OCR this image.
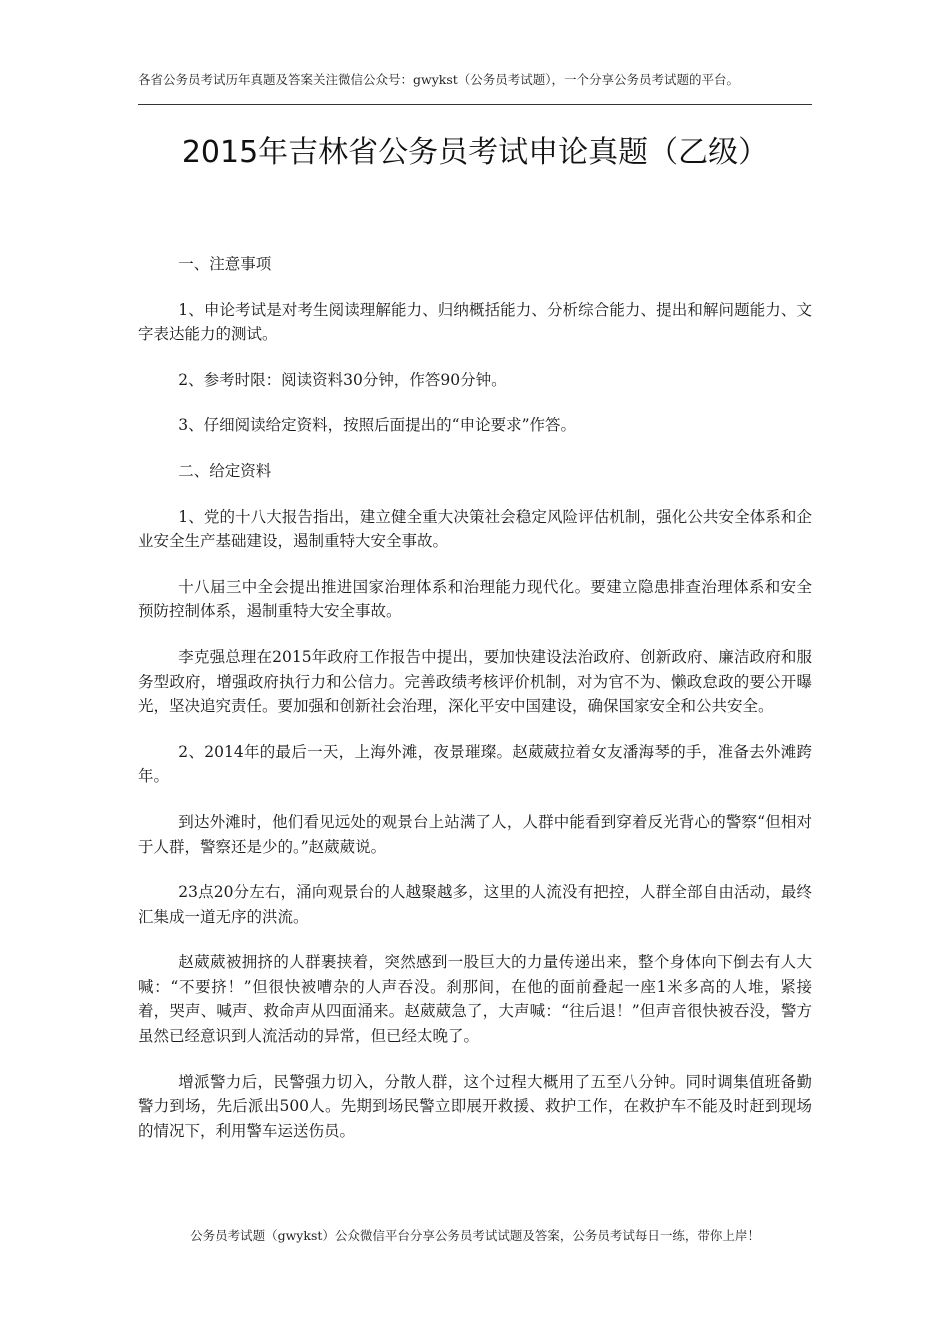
各省公务员考试历年真题及答案关注微信公众号：gwykst（公务员考试题），一个分享公务员考试题的平台。
2015年吉林省公务员考试申论真题（乙级）

一、注意事项

1、申论考试是对考生阅读理解能力、归纳概括能力、分析综合能力、提出和解问题能力、文字表达能力的测试。

2、参考时限：阅读资料30分钟，作答90分钟。

3、仔细阅读给定资料，按照后面提出的“申论要求”作答。

二、给定资料

1、党的十八大报告指出，建立健全重大决策社会稳定风险评估机制，强化公共安全体系和企业安全生产基础建设，遏制重特大安全事故。

十八届三中全会提出推进国家治理体系和治理能力现代化。要建立隐患排查治理体系和安全预防控制体系，遏制重特大安全事故。

李克强总理在2015年政府工作报告中提出，要加快建设法治政府、创新政府、廉洁政府和服务型政府，增强政府执行力和公信力。完善政绩考核评价机制，对为官不为、懒政怠政的要公开曝光，坚决追究责任。要加强和创新社会治理，深化平安中国建设，确保国家安全和公共安全。

2、2014年的最后一天，上海外滩，夜景璀璨。赵葳葳拉着女友潘海琴的手，准备去外滩跨年。

到达外滩时，他们看见远处的观景台上站满了人，人群中能看到穿着反光背心的警察“但相对于人群，警察还是少的。”赵葳葳说。

23点20分左右，涌向观景台的人越聚越多，这里的人流没有把控，人群全部自由活动，最终汇集成一道无序的洪流。

赵葳葳被拥挤的人群裹挟着，突然感到一股巨大的力量传递出来，整个身体向下倒去有人大喊：“不要挤！”但很快被嘈杂的人声吞没。刹那间，在他的面前叠起一座1米多高的人堆，紧接着，哭声、喊声、救命声从四面涌来。赵葳葳急了，大声喊：“往后退！”但声音很快被吞没，警方虽然已经意识到人流活动的异常，但已经太晚了。

增派警力后，民警强力切入，分散人群，这个过程大概用了五至八分钟。同时调集值班备勤警力到场，先后派出500人。先期到场民警立即展开救援、救护工作，在救护车不能及时赶到现场的情况下，利用警车运送伤员。

公务员考试题（gwykst）公众微信平台分享公务员考试试题及答案，公务员考试每日一练，带你上岸！
